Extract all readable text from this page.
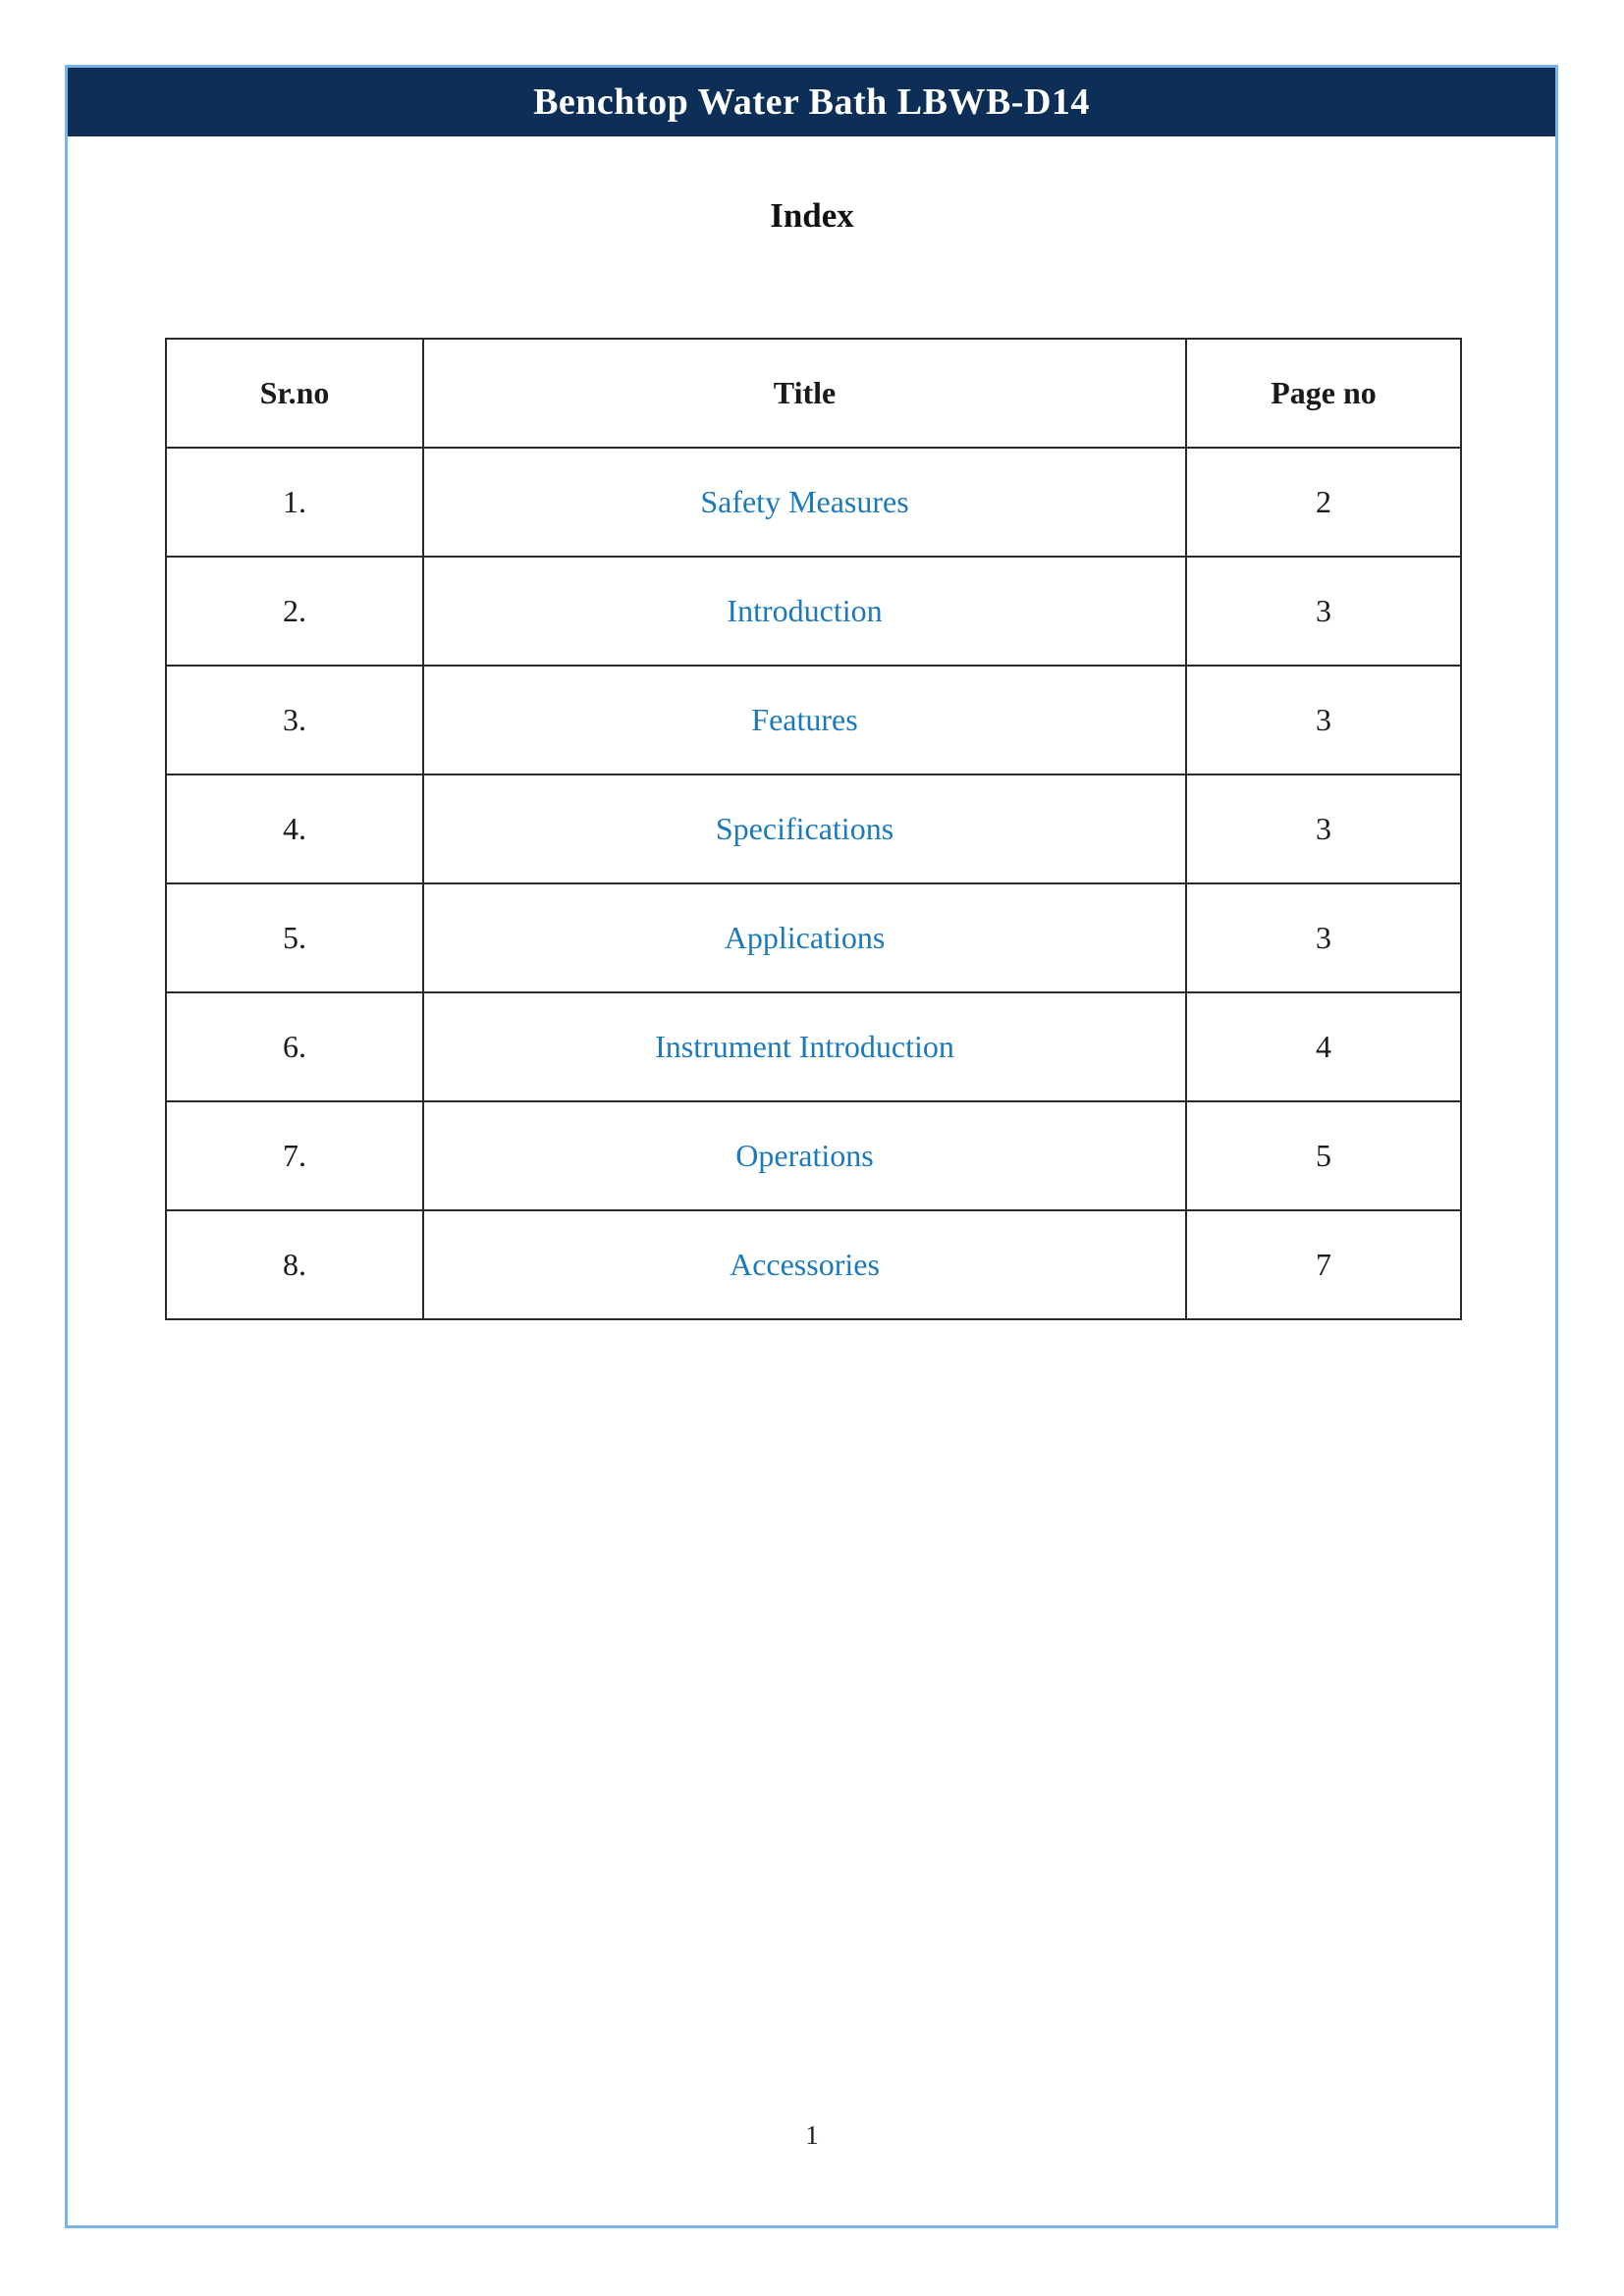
Benchtop Water Bath LBWB-D14
Index
Sr.no	Title	Page no
1.	Safety Measures	2
2.	Introduction	3
3.	Features	3
4.	Specifications	3
5.	Applications	3
6.	Instrument Introduction	4
7.	Operations	5
8.	Accessories	7
1
